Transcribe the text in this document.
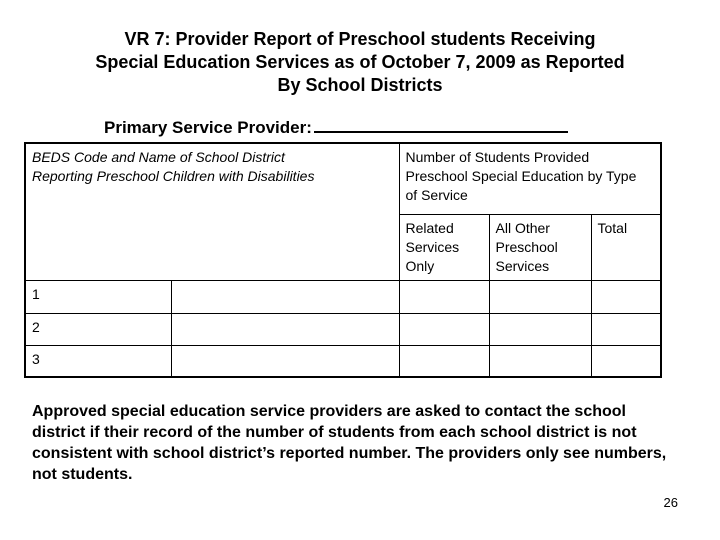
VR 7: Provider Report of Preschool students Receiving
Special Education Services as of October 7, 2009 as Reported
By School Districts
Primary Service Provider:
BEDS Code and Name of School District Reporting Preschool Children with Disabilities		Number of Students Provided Preschool Special Education by Type of Service		

		Related Services Only	All Other Preschool Services	Total
1				
2				
3				
Approved special education service providers are asked to contact the school district if their record of the number of students from each school district is not consistent with school district’s reported number. The providers only see numbers, not students.
26
